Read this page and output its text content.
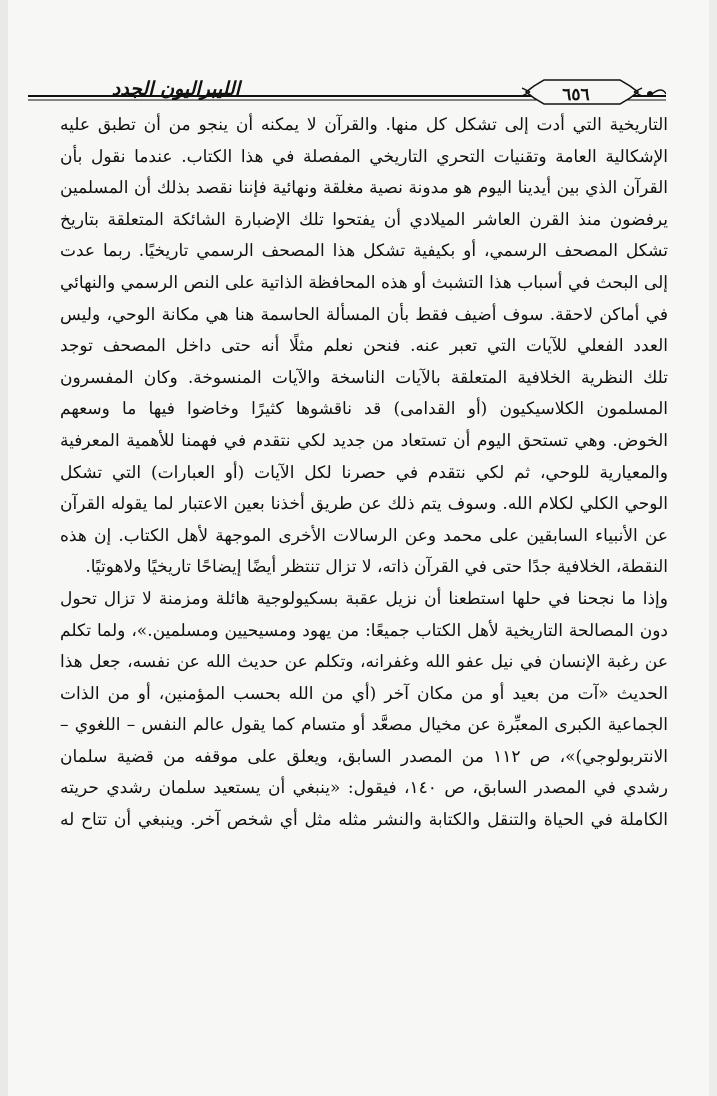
٦٥٦
الليبراليون الجدد
التاريخية التي أدت إلى تشكل كل منها. والقرآن لا يمكنه أن ينجو من أن تطبق عليه
الإشكالية العامة وتقنيات التحري التاريخي المفصلة في هذا الكتاب. عندما نقول بأن
القرآن الذي بين أيدينا اليوم هو مدونة نصية مغلقة ونهائية فإننا نقصد بذلك أن المسلمين
يرفضون منذ القرن العاشر الميلادي أن يفتحوا تلك الإضبارة الشائكة المتعلقة بتاريخ
تشكل المصحف الرسمي، أو بكيفية تشكل هذا المصحف الرسمي تاريخيًا. ربما عدت
إلى البحث في أسباب هذا التشبث أو هذه المحافظة الذاتية على النص الرسمي والنهائي
في أماكن لاحقة. سوف أضيف فقط بأن المسألة الحاسمة هنا هي مكانة الوحي، وليس
العدد الفعلي للآيات التي تعبر عنه. فنحن نعلم مثلًا أنه حتى داخل المصحف توجد
تلك النظرية الخلافية المتعلقة بالآيات الناسخة والآيات المنسوخة. وكان المفسرون
المسلمون الكلاسيكيون (أو القدامى) قد ناقشوها كثيرًا وخاضوا فيها ما وسعهم
الخوض. وهي تستحق اليوم أن تستعاد من جديد لكي نتقدم في فهمنا للأهمية المعرفية
والمعيارية للوحي، ثم لكي نتقدم في حصرنا لكل الآيات (أو العبارات) التي تشكل
الوحي الكلي لكلام الله. وسوف يتم ذلك عن طريق أخذنا بعين الاعتبار لما يقوله القرآن
عن الأنبياء السابقين على محمد وعن الرسالات الأخرى الموجهة لأهل الكتاب. إن هذه
النقطة، الخلافية جدًا حتى في القرآن ذاته، لا تزال تنتظر أيضًا إيضاحًا تاريخيًا ولاهوتيًا.
وإذا ما نجحنا في حلها استطعنا أن نزيل عقبة بسكيولوجية هائلة ومزمنة لا تزال تحول
دون المصالحة التاريخية لأهل الكتاب جميعًا: من يهود ومسيحيين ومسلمين.»، ولما تكلم
عن رغبة الإنسان في نيل عفو الله وغفرانه، وتكلم عن حديث الله عن نفسه، جعل هذا
الحديث «آت من بعيد أو من مكان آخر (أي من الله بحسب المؤمنين، أو من الذات
الجماعية الكبرى المعبِّرة عن مخيال مصعَّد أو متسام كما يقول عالم النفس – اللغوي –
الانتربولوجي)»، ص ١١٢ من المصدر السابق، ويعلق على موقفه من قضية سلمان
رشدي في المصدر السابق، ص ١٤٠، فيقول: «ينبغي أن يستعيد سلمان رشدي حريته
الكاملة في الحياة والتنقل والكتابة والنشر مثله مثل أي شخص آخر. وينبغي أن تتاح له
